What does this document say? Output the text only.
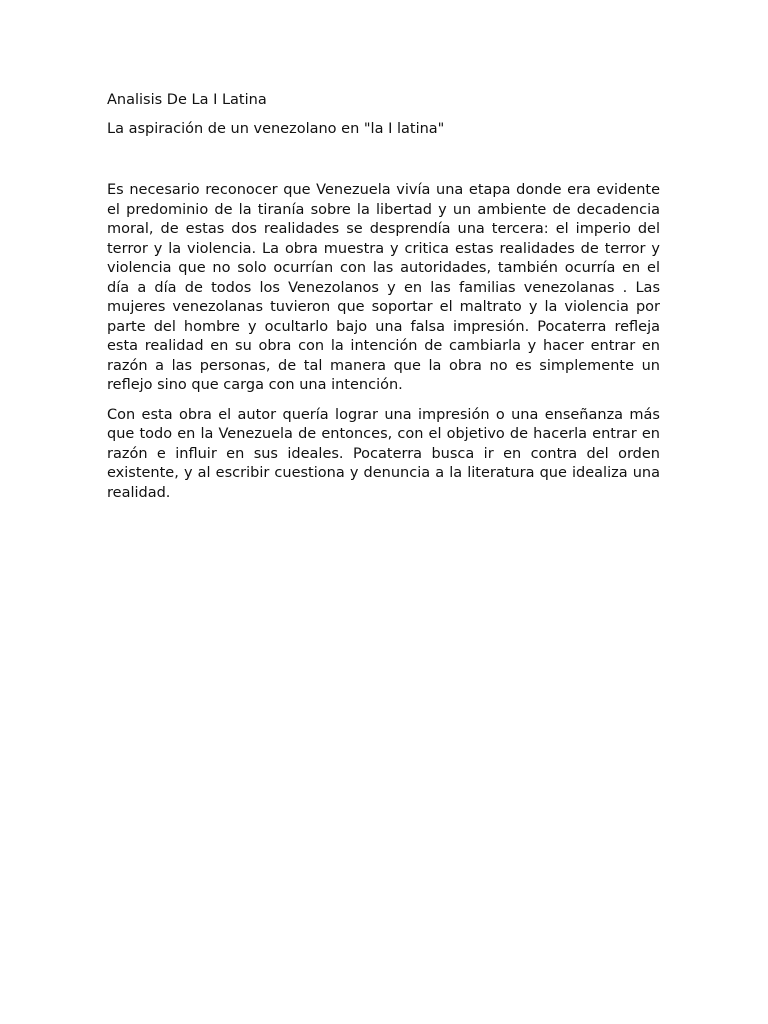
Analisis De La I Latina
La aspiración de un venezolano en "la I latina"

Es necesario reconocer que Venezuela vivía una etapa donde era evidente el predominio de la tiranía sobre la libertad y un ambiente de decadencia moral, de estas dos realidades se desprendía una tercera: el imperio del terror y la violencia. La obra muestra y critica estas realidades de terror y violencia que no solo ocurrían con las autoridades, también ocurría en el día a día de todos los Venezolanos y en las familias venezolanas . Las mujeres venezolanas tuvieron que soportar el maltrato y la violencia por parte del hombre y ocultarlo bajo una falsa impresión. Pocaterra refleja esta realidad en su obra con la intención de cambiarla y hacer entrar en razón a las personas, de tal manera que la obra no es simplemente un reflejo sino que carga con una intención.

Con esta obra el autor quería lograr una impresión o una enseñanza más que todo en la Venezuela de entonces, con el objetivo de hacerla entrar en razón e influir en sus ideales. Pocaterra busca ir en contra del orden existente, y al escribir cuestiona y denuncia a la literatura que idealiza una realidad.
